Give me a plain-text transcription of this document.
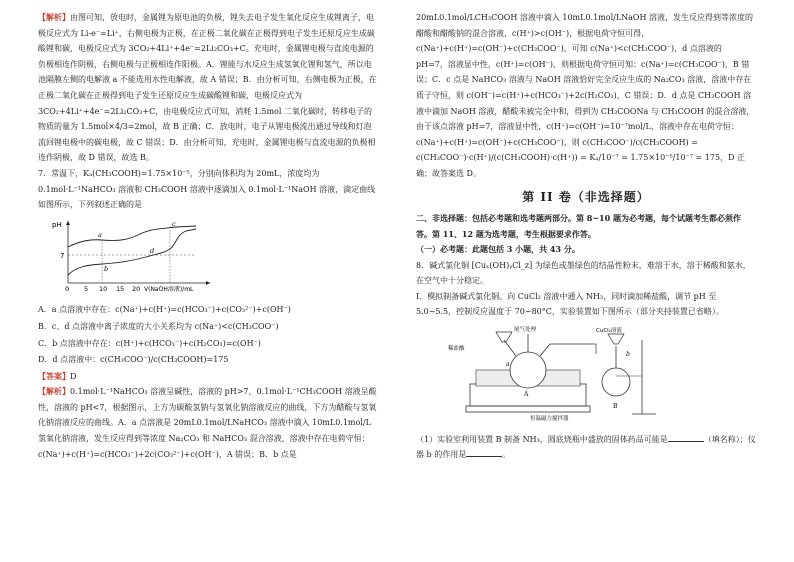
【解析】由图可知，放电时，金属锂为原电池的负极，锂失去电子发生氧化反应生成锂离子，电极反应式为 Li-e⁻=Li⁺，右侧电极为正极，在正极二氧化碳在正极得到电子发生还原反应生成碳酸锂和碳，电极反应式为 3CO₂+4Li⁺+4e⁻=2Li₂CO₃+C。充电时，金属锂电极与直流电源的负极相连作阴极，右侧电极与正极相连作阳极。A．锂能与水反应生成氢氧化锂和氢气，所以电池隔膜左侧的电解液 a 不能选用水性电解液，故 A 错误；B．由分析可知，右侧电极为正极，在正极二氧化碳在正极得到电子发生还原反应生成碳酸锂和碳，电极反应式为 3CO₂+4Li⁺+4e⁻=2Li₂CO₃+C，由电极反应式可知，消耗 1.5mol 二氧化碳时，转移电子的物质的量为 1.5mol×4/3=2mol，故 B 正确；C．放电时，电子从锂电极流出通过导线和灯泡流回锂电极中的碳电极，故 C 错误；D．由分析可知，充电时，金属锂电极与直流电源的负极相连作阴极，故 D 错误，故选 B。

7．常温下，Kₐ(CH₃COOH)=1.75×10⁻⁵，分别向体积均为 20mL，浓度均为 0.1mol·L⁻¹NaHCO₃ 溶液和 CH₃COOH 溶液中逐滴加入 0.1mol·L⁻¹NaOH 溶液，滴定曲线如图所示，下列叙述正确的是

pH
7
0 5 10 15 20 V(NaOH溶液)/mL
a
b
c
d

A．a 点溶液中存在：c(Na⁺)+c(H⁺)=c(HCO₃⁻)+c(CO₃²⁻)+c(OH⁻)

B．c、d 点溶液中离子浓度的大小关系均为 c(Na⁺)<c(CH₃COO⁻)

C．b 点溶液中存在：c(H⁺)+c(HCO₃⁻)+c(H₂CO₃)=c(OH⁻)

D．d 点溶液中：c(CH₃COO⁻)/c(CH₃COOH)=175

【答案】D

【解析】0.1mol·L⁻¹NaHCO₃ 溶液呈碱性，溶液的 pH>7，0.1mol·L⁻¹CH₃COOH 溶液呈酸性，溶液的 pH<7，根据图示，上方为碳酸氢钠与氢氧化钠溶液反应的曲线，下方为醋酸与氢氧化钠溶液反应的曲线。A．a 点溶液是 20mL0.1mol/LNaHCO₃ 溶液中滴入 10mL0.1mol/L 氢氧化钠溶液，发生反应得到等浓度 Na₂CO₃ 和 NaHCO₃ 混合溶液，溶液中存在电荷守恒：c(Na⁺)+c(H⁺)=c(HCO₃⁻)+2c(CO₃²⁻)+c(OH⁻)，A 错误；B．b 点是

20mL0.1mol/LCH₃COOH 溶液中滴入 10mL0.1mol/LNaOH 溶液，发生反应得到等浓度的醋酸和醋酸钠的混合溶液，c(H⁺)>c(OH⁻)，根据电荷守恒可得，c(Na⁺)+c(H⁺)=c(OH⁻)+c(CH₃COO⁻)，可知 c(Na⁺)<c(CH₃COO⁻)，d 点溶液的 pH=7，溶液显中性，c(H⁺)=c(OH⁻)，则根据电荷守恒可知：c(Na⁺)=c(CH₃COO⁻)，B 错误；C．c 点是 NaHCO₃ 溶液与 NaOH 溶液恰好完全反应生成的 Na₂CO₃ 溶液，溶液中存在质子守恒，则 c(OH⁻)=c(H⁺)+c(HCO₃⁻)+2c(H₂CO₃)，C 错误；D．d 点是 CH₃COOH 溶液中滴加 NaOH 溶液，醋酸未被完全中和，得到为 CH₃COONa 与 CH₃COOH 的混合溶液，由于该点溶液 pH=7，溶液显中性，c(H⁺)=c(OH⁻)=10⁻⁷mol/L，溶液中存在电荷守恒：

c(Na⁺)+c(H⁺)=c(OH⁻)+c(CH₃COO⁻)，则 c(CH₃COO⁻)/c(CH₃COOH) = c(CH₃COO⁻)·c(H⁺)/(c(CH₃COOH)·c(H⁺)) = Kₐ/10⁻⁷ = 1.75×10⁻⁵/10⁻⁷ = 175，D 正确；故答案选 D。

第 II 卷（非选择题）

二、非选择题：包括必考题和选考题两部分。第 8~10 题为必考题，每个试题考生都必须作答。第 11、12 题为选考题，考生根据要求作答。

（一）必考题：此题包括 3 小题，共 43 分。

8．碱式氯化铜 [Cuₓ(OH)ᵧCl_z] 为绿色或墨绿色的结晶性粉末，难溶于水，溶于稀酸和氨水，在空气中十分稳定。

I．模拟制备碱式氯化铜。向 CuCl₂ 溶液中通入 NH₃，同时滴加稀盐酸，调节 pH 至 5.0~5.5，控制反应温度于 70~80°C，实验装置如下图所示（部分夹持装置已省略）。

尾气处理
稀盐酸
CuCl₂溶液
恒温磁力搅拌器
a
b
A
B

（1）实验室利用装置 B 制备 NH₃，圆底烧瓶中盛放的固体药品可能是	（填名称）；仪器 b 的作用是	。
